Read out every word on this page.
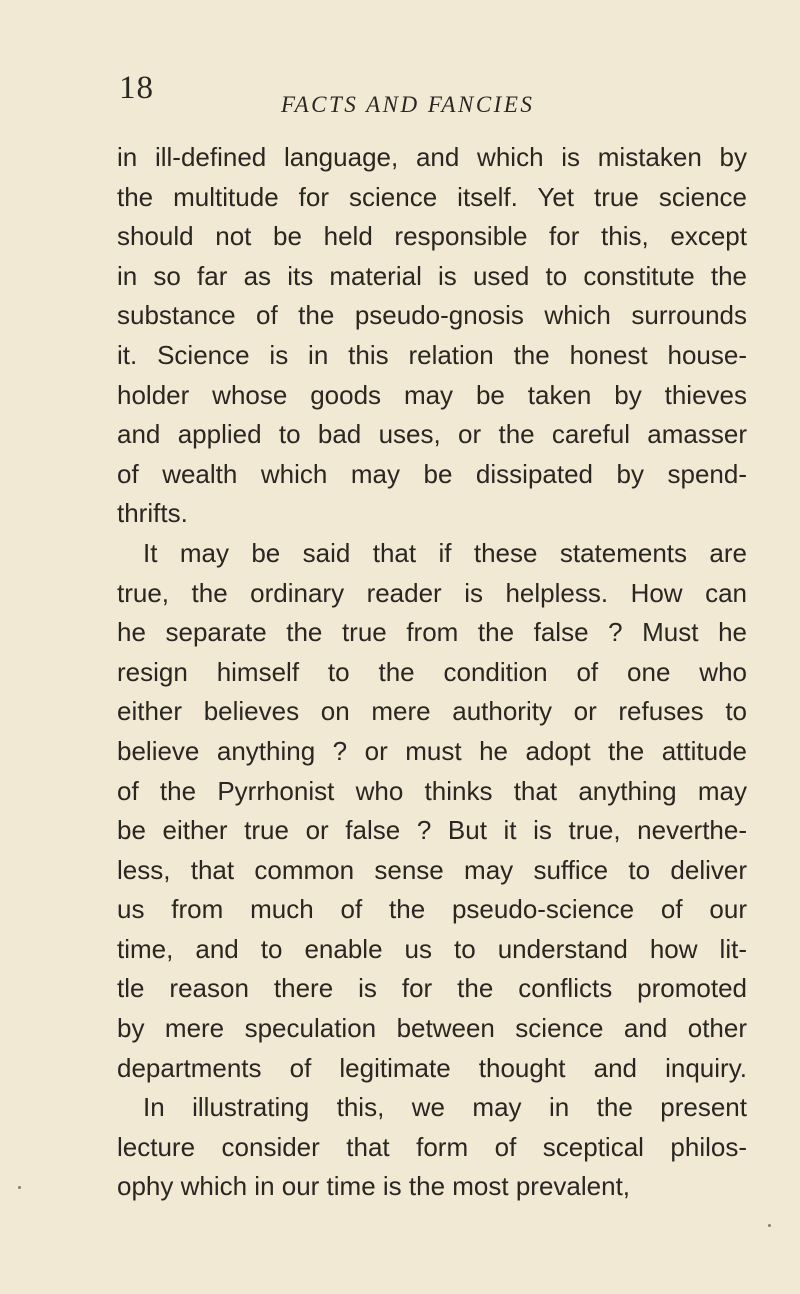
18	FACTS AND FANCIES
in ill-defined language, and which is mistaken by
the multitude for science itself. Yet true science
should not be held responsible for this, except
in so far as its material is used to constitute the
substance of the pseudo-gnosis which surrounds
it. Science is in this relation the honest house-
holder whose goods may be taken by thieves
and applied to bad uses, or the careful amasser
of wealth which may be dissipated by spend-
thrifts.
It may be said that if these statements are
true, the ordinary reader is helpless. How can
he separate the true from the false ? Must he
resign himself to the condition of one who
either believes on mere authority or refuses to
believe anything ? or must he adopt the attitude
of the Pyrrhonist who thinks that anything may
be either true or false ? But it is true, neverthe-
less, that common sense may suffice to deliver
us from much of the pseudo-science of our
time, and to enable us to understand how lit-
tle reason there is for the conflicts promoted
by mere speculation between science and other
departments of legitimate thought and inquiry.
In illustrating this, we may in the present
lecture consider that form of sceptical philos-
ophy which in our time is the most prevalent,
